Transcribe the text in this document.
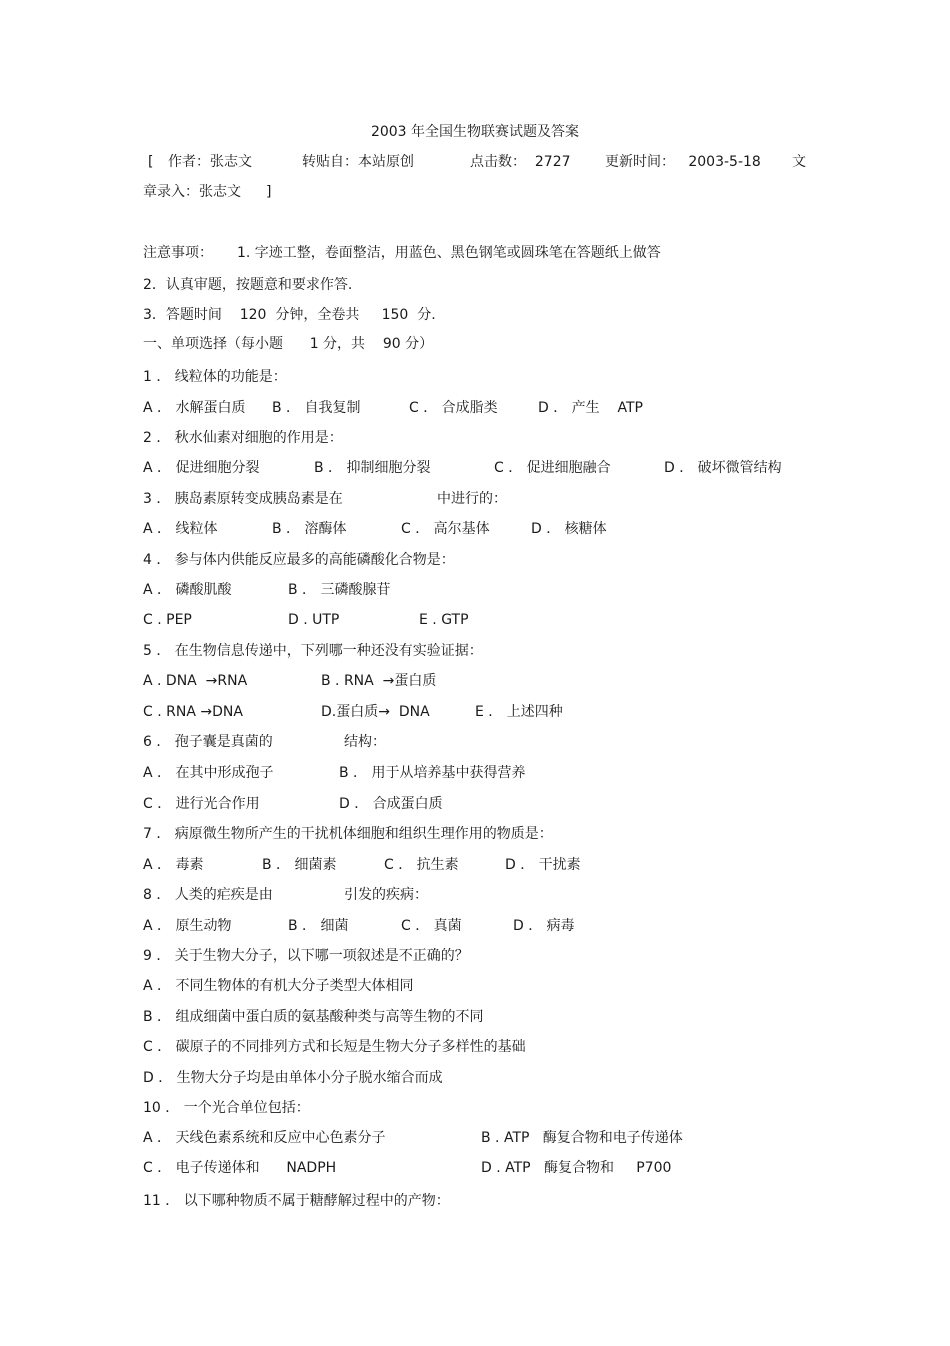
2003 年全国生物联赛试题及答案
[ 作者：张志文	转贴自：本站原创	点击数：  2727 更新时间：   2003-5-18 文
章录入：张志文 ]
注意事项： 1. 字迹工整，卷面整洁，用蓝色、黑色钢笔或圆珠笔在答题纸上做答
2．认真审题，按题意和要求作答.
3．答题时间    120  分钟，全卷共     150  分.
一、单项选择（每小题      1 分，共    90 分）
1 ． 线粒体的功能是：
A ． 水解蛋白质 B ． 自我复制	C ． 合成脂类	D ． 产生    ATP
2 ． 秋水仙素对细胞的作用是：
A ． 促进细胞分裂	B ． 抑制细胞分裂	C ． 促进细胞融合	D ． 破坏微管结构
3 ． 胰岛素原转变成胰岛素是在	中进行的：
A ． 线粒体	B ． 溶酶体	C ． 高尔基体	D ． 核糖体
4 ． 参与体内供能反应最多的高能磷酸化合物是：
A ． 磷酸肌酸	B ． 三磷酸腺苷
C . PEP	D . UTP	E . GTP
5 ． 在生物信息传递中，下列哪一种还没有实验证据：
A . DNA  →RNA	B . RNA  →蛋白质
C . RNA →DNA	D.蛋白质→  DNA	E ． 上述四种
6 ． 孢子囊是真菌的	结构：
A ． 在其中形成孢子	B ． 用于从培养基中获得营养
C ． 进行光合作用	D ． 合成蛋白质
7 ． 病原微生物所产生的干扰机体细胞和组织生理作用的物质是：
A ． 毒素	B ． 细菌素	C ． 抗生素	D ． 干扰素
8 ． 人类的疟疾是由	引发的疾病：
A ． 原生动物	B ． 细菌	C ． 真菌	D ． 病毒
9 ． 关于生物大分子，以下哪一项叙述是不正确的？
A ． 不同生物体的有机大分子类型大体相同
B ． 组成细菌中蛋白质的氨基酸种类与高等生物的不同
C ． 碳原子的不同排列方式和长短是生物大分子多样性的基础
D ． 生物大分子均是由单体小分子脱水缩合而成
10 ． 一个光合单位包括：
A ． 天线色素系统和反应中心色素分子	B . ATP   酶复合物和电子传递体
C ． 电子传递体和      NADPH	D . ATP   酶复合物和     P700
11 ． 以下哪种物质不属于糖酵解过程中的产物：
